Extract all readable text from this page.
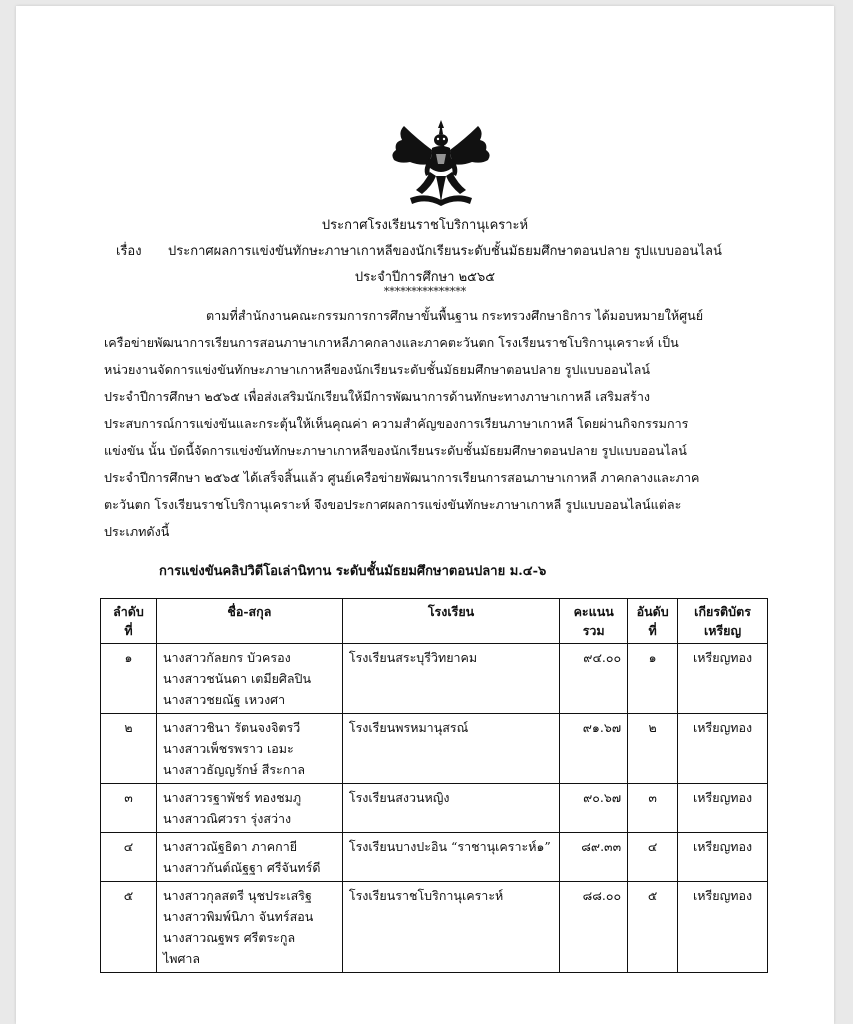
ประกาศโรงเรียนราชโบริกานุเคราะห์
เรื่อง ประกาศผลการแข่งขันทักษะภาษาเกาหลีของนักเรียนระดับชั้นมัธยมศึกษาตอนปลาย รูปแบบออนไลน์
ประจำปีการศึกษา ๒๕๖๕
***************
ตามที่สำนักงานคณะกรรมการการศึกษาขั้นพื้นฐาน กระทรวงศึกษาธิการ ได้มอบหมายให้ศูนย์
เครือข่ายพัฒนาการเรียนการสอนภาษาเกาหลีภาคกลางและภาคตะวันตก โรงเรียนราชโบริกานุเคราะห์ เป็น
หน่วยงานจัดการแข่งขันทักษะภาษาเกาหลีของนักเรียนระดับชั้นมัธยมศึกษาตอนปลาย รูปแบบออนไลน์
ประจำปีการศึกษา ๒๕๖๕ เพื่อส่งเสริมนักเรียนให้มีการพัฒนาการด้านทักษะทางภาษาเกาหลี เสริมสร้าง
ประสบการณ์การแข่งขันและกระตุ้นให้เห็นคุณค่า ความสำคัญของการเรียนภาษาเกาหลี โดยผ่านกิจกรรมการ
แข่งขัน นั้น บัดนี้จัดการแข่งขันทักษะภาษาเกาหลีของนักเรียนระดับชั้นมัธยมศึกษาตอนปลาย รูปแบบออนไลน์
ประจำปีการศึกษา ๒๕๖๕ ได้เสร็จสิ้นแล้ว ศูนย์เครือข่ายพัฒนาการเรียนการสอนภาษาเกาหลี ภาคกลางและภาค
ตะวันตก โรงเรียนราชโบริกานุเคราะห์ จึงขอประกาศผลการแข่งขันทักษะภาษาเกาหลี รูปแบบออนไลน์แต่ละ
ประเภทดังนี้
การแข่งขันคลิปวิดีโอเล่านิทาน ระดับชั้นมัธยมศึกษาตอนปลาย ม.๔-๖
ลำดับ ที่	ชื่อ-สกุล	โรงเรียน	คะแนน รวม	อันดับ ที่	เกียรติบัตร เหรียญ
๑	นางสาวกัลยกร บัวครอง
นางสาวชนันดา เตมียศิลปิน
นางสาวชยณัฐ เหวงศา	โรงเรียนสระบุรีวิทยาคม	๙๔.๐๐	๑	เหรียญทอง
๒	นางสาวชินา รัตนจงจิตรวี
นางสาวเพ็ชรพราว เอมะ
นางสาวธัญญรักษ์ สีระกาล	โรงเรียนพรหมานุสรณ์	๙๑.๖๗	๒	เหรียญทอง
๓	นางสาวรฐาพัชร์ ทองชมภู
นางสาวณิศวรา รุ่งสว่าง	โรงเรียนสงวนหญิง	๙๐.๖๗	๓	เหรียญทอง
๔	นางสาวณัฐธิดา ภาคกายี
นางสาวกันต์ณัฐฐา ศรีจันทร์ดี	โรงเรียนบางปะอิน “ราชานุเคราะห์๑”	๘๙.๓๓	๔	เหรียญทอง
๕	นางสาวกุลสตรี นุชประเสริฐ
นางสาวพิมพ์นิภา จันทร์สอน
นางสาวณฐพร ศรีตระกูล
ไพศาล	โรงเรียนราชโบริกานุเคราะห์	๘๘.๐๐	๕	เหรียญทอง
